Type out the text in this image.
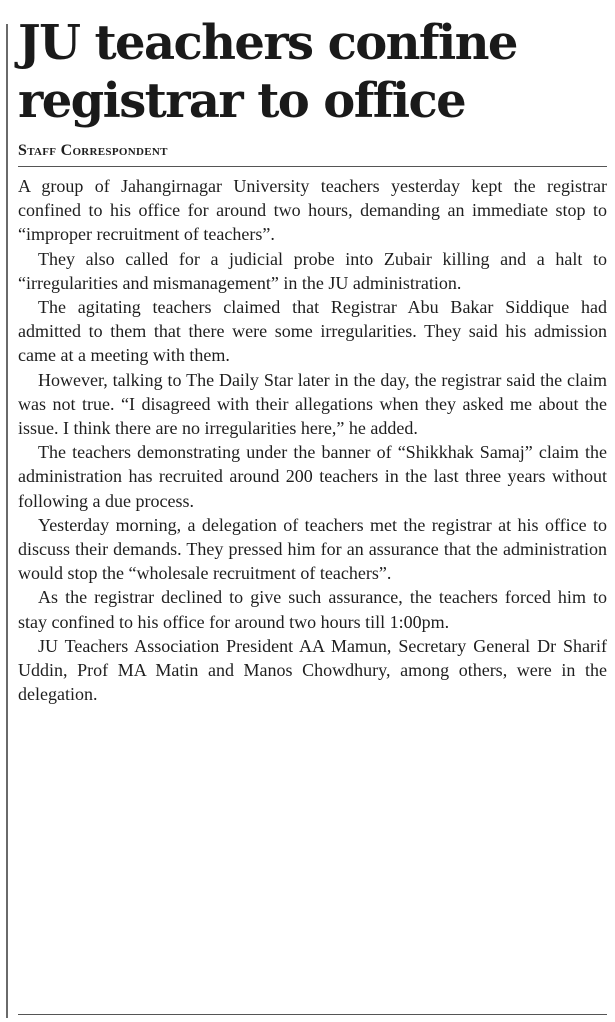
JU teachers confine
registrar to office
Staff Correspondent

A group of Jahangirnagar University teachers yesterday kept the registrar confined to his office for around two hours, demanding an immediate stop to “improper recruitment of teachers”.

They also called for a judicial probe into Zubair killing and a halt to “irregularities and mismanagement” in the JU administration.

The agitating teachers claimed that Registrar Abu Bakar Siddique had admitted to them that there were some irregularities. They said his admission came at a meeting with them.

However, talking to The Daily Star later in the day, the registrar said the claim was not true. “I disagreed with their allegations when they asked me about the issue. I think there are no irregularities here,” he added.

The teachers demonstrating under the banner of “Shikkhak Samaj” claim the administration has recruited around 200 teachers in the last three years without following a due process.

Yesterday morning, a delegation of teachers met the registrar at his office to discuss their demands. They pressed him for an assurance that the administration would stop the “wholesale recruitment of teachers”.

As the registrar declined to give such assurance, the teachers forced him to stay confined to his office for around two hours till 1:00pm.

JU Teachers Association President AA Mamun, Secretary General Dr Sharif Uddin, Prof MA Matin and Manos Chowdhury, among others, were in the delegation.
